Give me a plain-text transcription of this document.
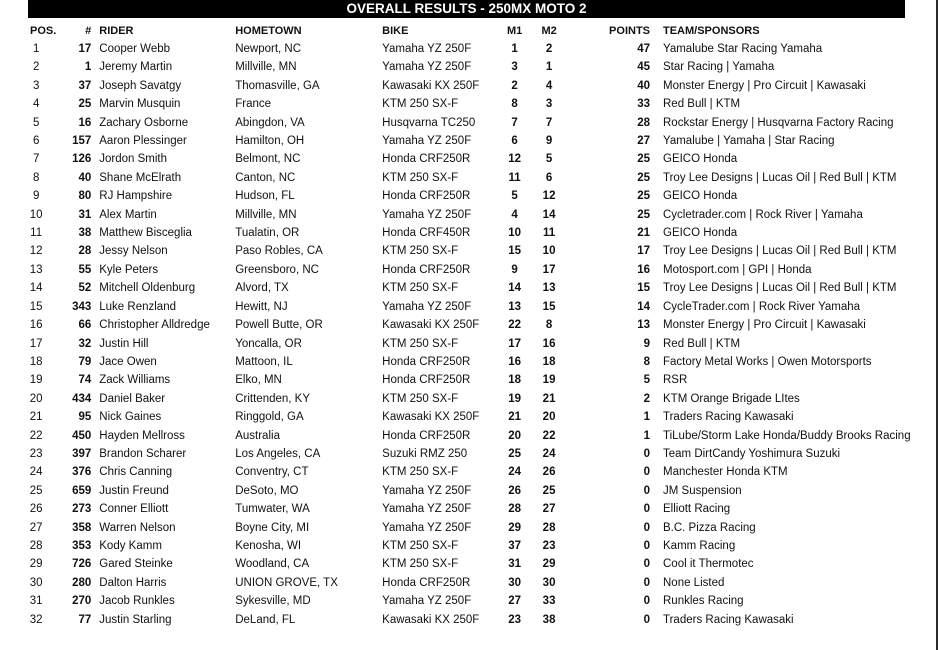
OVERALL RESULTS - 250MX MOTO 2
POS.	#	RIDER	HOMETOWN	BIKE	M1	M2	POINTS	TEAM/SPONSORS
1	17	Cooper Webb	Newport, NC	Yamaha YZ 250F	1	2	47	Yamalube Star Racing Yamaha
2	1	Jeremy Martin	Millville, MN	Yamaha YZ 250F	3	1	45	Star Racing | Yamaha
3	37	Joseph Savatgy	Thomasville, GA	Kawasaki KX 250F	2	4	40	Monster Energy | Pro Circuit | Kawasaki
4	25	Marvin Musquin	France	KTM 250 SX-F	8	3	33	Red Bull | KTM
5	16	Zachary Osborne	Abingdon, VA	Husqvarna TC250	7	7	28	Rockstar Energy | Husqvarna Factory Racing
6	157	Aaron Plessinger	Hamilton, OH	Yamaha YZ 250F	6	9	27	Yamalube | Yamaha | Star Racing
7	126	Jordon Smith	Belmont, NC	Honda CRF250R	12	5	25	GEICO Honda
8	40	Shane McElrath	Canton, NC	KTM 250 SX-F	11	6	25	Troy Lee Designs | Lucas Oil | Red Bull | KTM
9	80	RJ Hampshire	Hudson, FL	Honda CRF250R	5	12	25	GEICO Honda
10	31	Alex Martin	Millville, MN	Yamaha YZ 250F	4	14	25	Cycletrader.com | Rock River | Yamaha
11	38	Matthew Bisceglia	Tualatin, OR	Honda CRF450R	10	11	21	GEICO Honda
12	28	Jessy Nelson	Paso Robles, CA	KTM 250 SX-F	15	10	17	Troy Lee Designs | Lucas Oil | Red Bull | KTM
13	55	Kyle Peters	Greensboro, NC	Honda CRF250R	9	17	16	Motosport.com | GPI | Honda
14	52	Mitchell Oldenburg	Alvord, TX	KTM 250 SX-F	14	13	15	Troy Lee Designs | Lucas Oil | Red Bull | KTM
15	343	Luke Renzland	Hewitt, NJ	Yamaha YZ 250F	13	15	14	CycleTrader.com | Rock River Yamaha
16	66	Christopher Alldredge	Powell Butte, OR	Kawasaki KX 250F	22	8	13	Monster Energy | Pro Circuit | Kawasaki
17	32	Justin Hill	Yoncalla, OR	KTM 250 SX-F	17	16	9	Red Bull | KTM
18	79	Jace Owen	Mattoon, IL	Honda CRF250R	16	18	8	Factory Metal Works | Owen Motorsports
19	74	Zack Williams	Elko, MN	Honda CRF250R	18	19	5	RSR
20	434	Daniel Baker	Crittenden, KY	KTM 250 SX-F	19	21	2	KTM Orange Brigade LItes
21	95	Nick Gaines	Ringgold, GA	Kawasaki KX 250F	21	20	1	Traders Racing Kawasaki
22	450	Hayden Mellross	Australia	Honda CRF250R	20	22	1	TiLube/Storm Lake Honda/Buddy Brooks Racing
23	397	Brandon Scharer	Los Angeles, CA	Suzuki RMZ 250	25	24	0	Team DirtCandy Yoshimura Suzuki
24	376	Chris Canning	Conventry, CT	KTM 250 SX-F	24	26	0	Manchester Honda KTM
25	659	Justin Freund	DeSoto, MO	Yamaha YZ 250F	26	25	0	JM Suspension
26	273	Conner Elliott	Tumwater, WA	Yamaha YZ 250F	28	27	0	Elliott Racing
27	358	Warren Nelson	Boyne City, MI	Yamaha YZ 250F	29	28	0	B.C. Pizza Racing
28	353	Kody Kamm	Kenosha, WI	KTM 250 SX-F	37	23	0	Kamm Racing
29	726	Gared Steinke	Woodland, CA	KTM 250 SX-F	31	29	0	Cool it Thermotec
30	280	Dalton Harris	UNION GROVE, TX	Honda CRF250R	30	30	0	None Listed
31	270	Jacob Runkles	Sykesville, MD	Yamaha YZ 250F	27	33	0	Runkles Racing
32	77	Justin Starling	DeLand, FL	Kawasaki KX 250F	23	38	0	Traders Racing Kawasaki
